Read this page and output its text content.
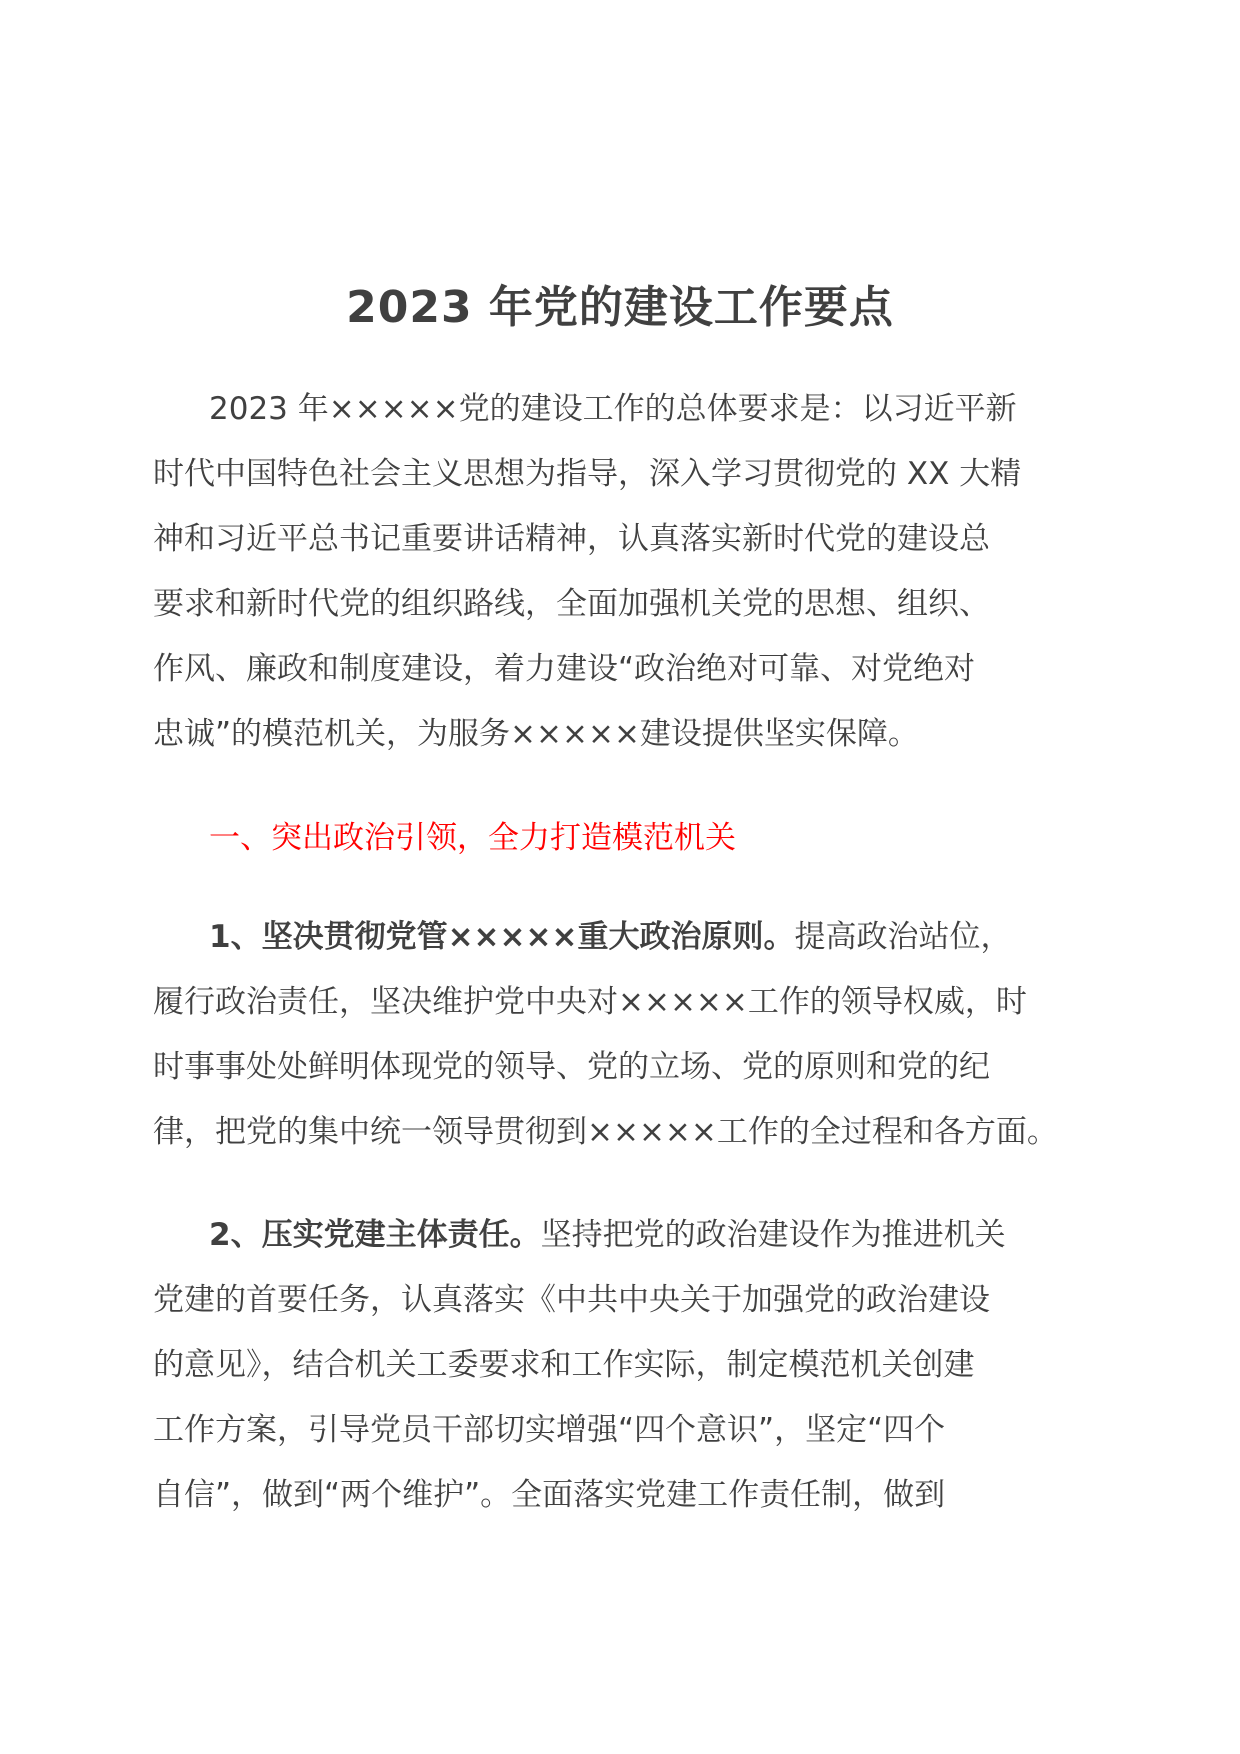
2023 年党的建设工作要点
2023 年×××××党的建设工作的总体要求是：以习近平新
时代中国特色社会主义思想为指导，深入学习贯彻党的 XX 大精
神和习近平总书记重要讲话精神，认真落实新时代党的建设总
要求和新时代党的组织路线，全面加强机关党的思想、组织、
作风、廉政和制度建设，着力建设“政治绝对可靠、对党绝对
忠诚”的模范机关，为服务×××××建设提供坚实保障。
一、突出政治引领，全力打造模范机关
1、坚决贯彻党管×××××重大政治原则。提高政治站位，
履行政治责任，坚决维护党中央对×××××工作的领导权威，时
时事事处处鲜明体现党的领导、党的立场、党的原则和党的纪
律，把党的集中统一领导贯彻到×××××工作的全过程和各方面。
2、压实党建主体责任。坚持把党的政治建设作为推进机关
党建的首要任务，认真落实《中共中央关于加强党的政治建设
的意见》，结合机关工委要求和工作实际，制定模范机关创建
工作方案，引导党员干部切实增强“四个意识”，坚定“四个
自信”，做到“两个维护”。全面落实党建工作责任制，做到
